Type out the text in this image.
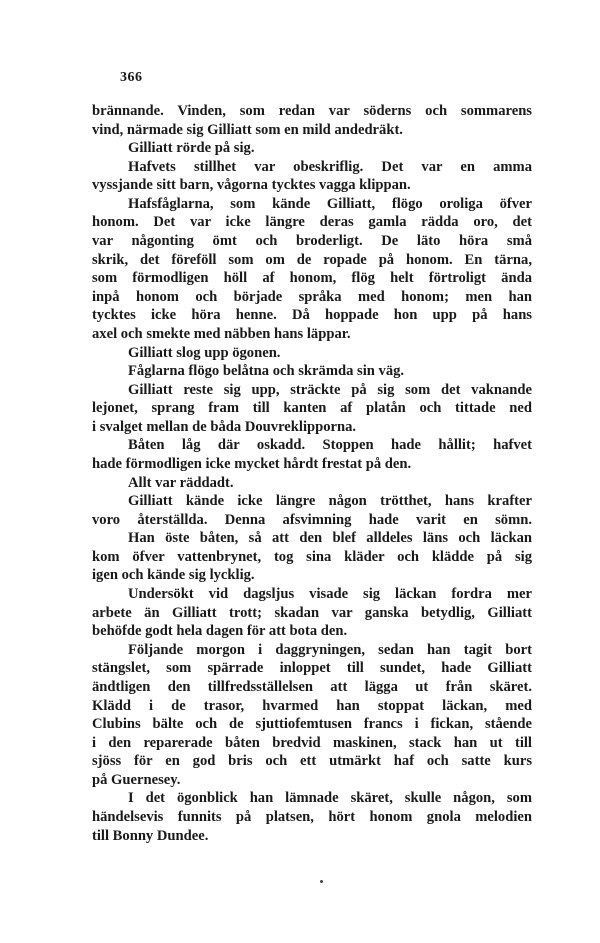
366
brännande. Vinden, som redan var söderns och sommarens
vind, närmade sig Gilliatt som en mild andedräkt.
Gilliatt rörde på sig.
Hafvets stillhet var obeskriflig. Det var en amma
vyssjande sitt barn, vågorna tycktes vagga klippan.
Hafsfåglarna, som kände Gilliatt, flögo oroliga öfver
honom. Det var icke längre deras gamla rädda oro, det
var någonting ömt och broderligt. De läto höra små
skrik, det föreföll som om de ropade på honom. En tärna,
som förmodligen höll af honom, flög helt förtroligt ända
inpå honom och började språka med honom; men han
tycktes icke höra henne. Då hoppade hon upp på hans
axel och smekte med näbben hans läppar.
Gilliatt slog upp ögonen.
Fåglarna flögo belåtna och skrämda sin väg.
Gilliatt reste sig upp, sträckte på sig som det vaknande
lejonet, sprang fram till kanten af platån och tittade ned
i svalget mellan de båda Douvreklipporna.
Båten låg där oskadd. Stoppen hade hållit; hafvet
hade förmodligen icke mycket hårdt frestat på den.
Allt var räddadt.
Gilliatt kände icke längre någon trötthet, hans krafter
voro återställda. Denna afsvimning hade varit en sömn.
Han öste båten, så att den blef alldeles läns och läckan
kom öfver vattenbrynet, tog sina kläder och klädde på sig
igen och kände sig lycklig.
Undersökt vid dagsljus visade sig läckan fordra mer
arbete än Gilliatt trott; skadan var ganska betydlig, Gilliatt
behöfde godt hela dagen för att bota den.
Följande morgon i daggryningen, sedan han tagit bort
stängslet, som spärrade inloppet till sundet, hade Gilliatt
ändtligen den tillfredsställelsen att lägga ut från skäret.
Klädd i de trasor, hvarmed han stoppat läckan, med
Clubins bälte och de sjuttiofemtusen francs i fickan, stående
i den reparerade båten bredvid maskinen, stack han ut till
sjöss för en god bris och ett utmärkt haf och satte kurs
på Guernesey.
I det ögonblick han lämnade skäret, skulle någon, som
händelsevis funnits på platsen, hört honom gnola melodien
till Bonny Dundee.
